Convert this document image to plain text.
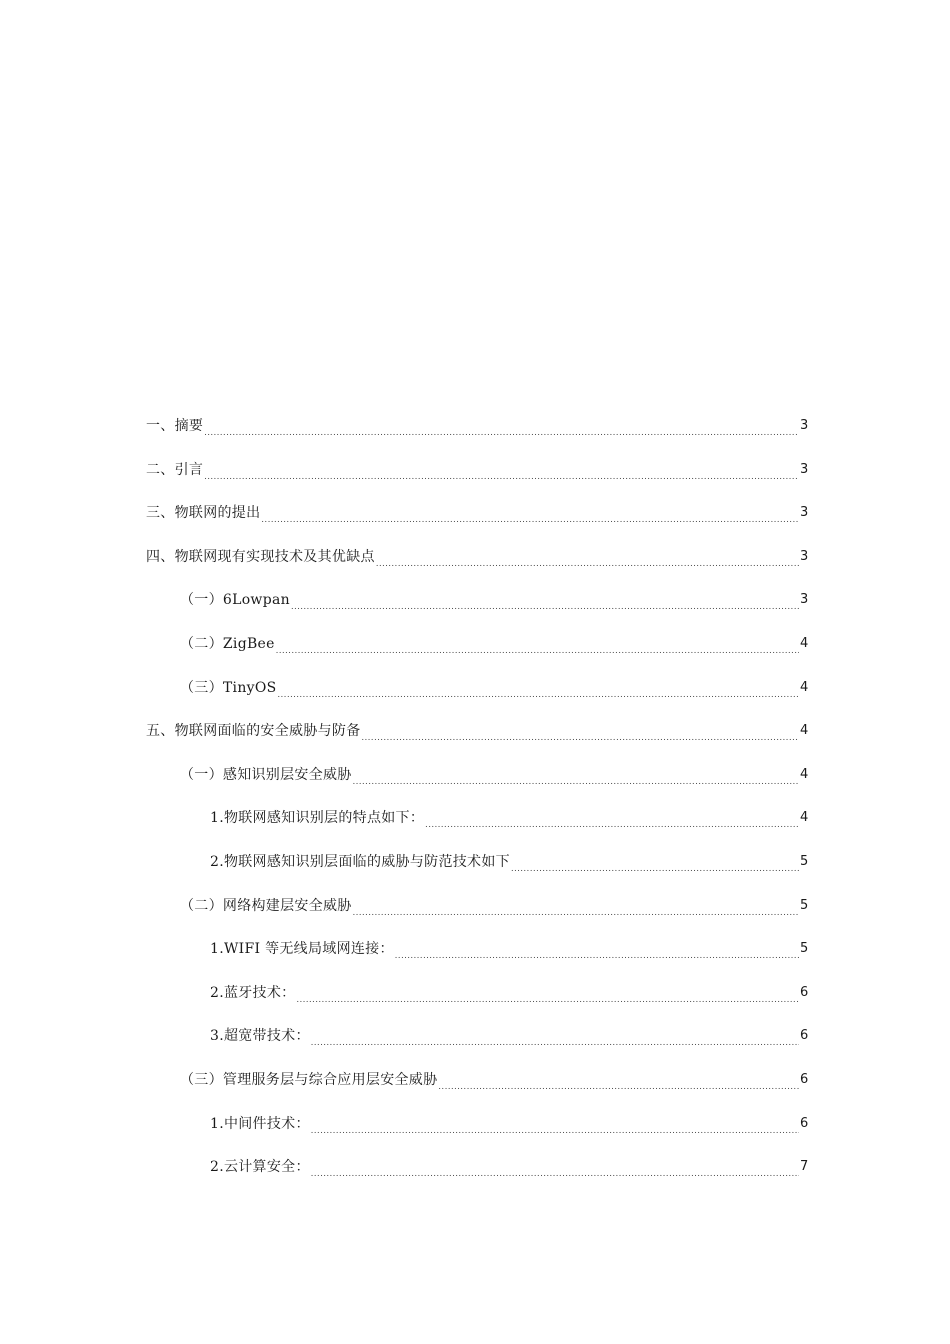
一、摘要 .....	3
二、引言 .....	3
三、物联网的提出 .....	3
四、物联网现有实现技术及其优缺点 .....	3
（一）6Lowpan .....	3
（二）ZigBee .....	4
（三）TinyOS .....	4
五、物联网面临的安全威胁与防备 .....	4
（一）感知识别层安全威胁 .....	4
1.物联网感知识别层的特点如下： .....	4
2.物联网感知识别层面临的威胁与防范技术如下 .....	5
（二）网络构建层安全威胁 .....	5
1.WIFI 等无线局域网连接： .....	5
2.蓝牙技术： .....	6
3.超宽带技术： .....	6
（三）管理服务层与综合应用层安全威胁 .....	6
1.中间件技术： .....	6
2.云计算安全： .....	7
